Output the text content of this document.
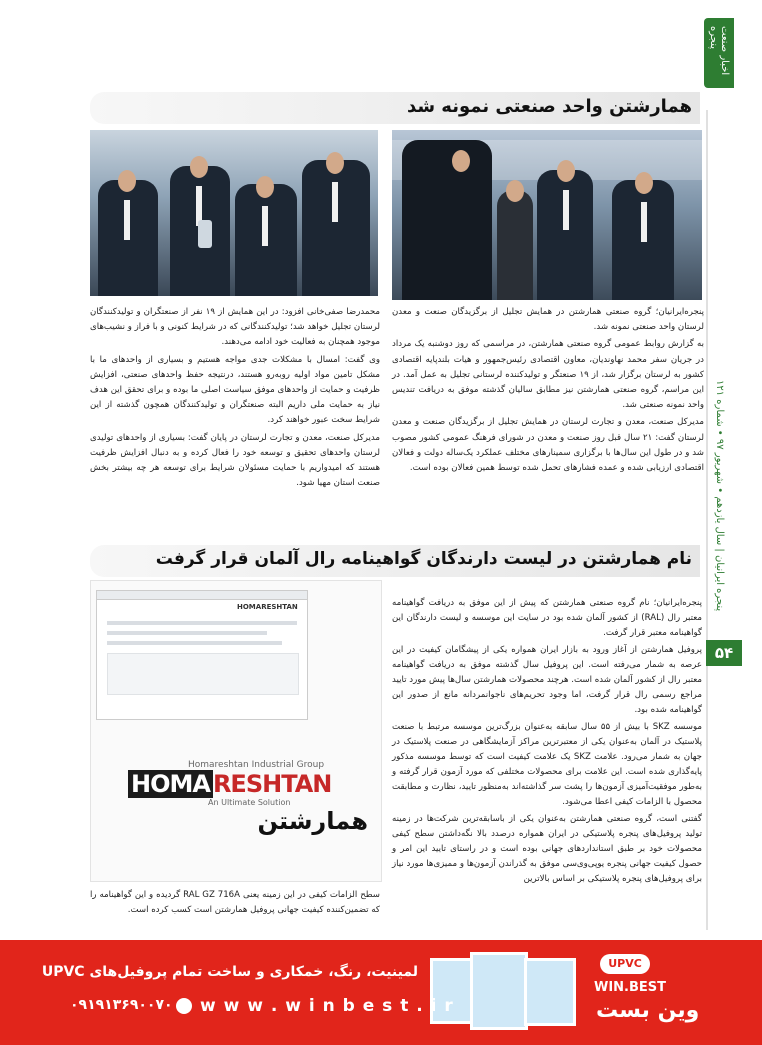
اخبار صنعت پنجره
پنجره ایرانیان | سال یازدهم • شهریور ۹۷ • شماره ۱۲۱
۵۴
همارشتن واحد صنعتی نمونه شد

پنجره‌ایرانیان؛ گروه صنعتی همارشتن در همایش تجلیل از برگزیدگان صنعت و معدن لرستان واحد صنعتی نمونه شد.

به گزارش روابط عمومی گروه صنعتی همارشتن، در مراسمی که روز دوشنبه یک مرداد در جریان سفر محمد نهاوندیان، معاون اقتصادی رئیس‌جمهور و هیات بلندپایه اقتصادی کشور به لرستان برگزار شد، از ۱۹ صنعتگر و تولیدکننده لرستانی تجلیل به عمل آمد. در این مراسم، گروه صنعتی همارشتن نیز مطابق سالیان گذشته موفق به دریافت تندیس واحد نمونه صنعتی شد.

مدیرکل صنعت، معدن و تجارت لرستان در همایش تجلیل از برگزیدگان صنعت و معدن لرستان گفت: ۲۱ سال قبل روز صنعت و معدن در شورای فرهنگ عمومی کشور مصوب شد و در طول این سال‌ها با برگزاری سمینارهای مختلف عملکرد یک‌ساله دولت و فعالان اقتصادی ارزیابی شده و عمده فشارهای تحمل شده توسط همین فعالان بوده است.

محمدرضا صفی‌خانی افزود: در این همایش از ۱۹ نفر از صنعتگران و تولیدکنندگان لرستان تجلیل خواهد شد؛ تولیدکنندگانی که در شرایط کنونی و با فراز و نشیب‌های موجود همچنان به فعالیت خود ادامه می‌دهند.

وی گفت: امسال با مشکلات جدی مواجه هستیم و بسیاری از واحدهای ما با مشکل تامین مواد اولیه روبه‌رو هستند، درنتیجه حفظ واحدهای صنعتی، افزایش ظرفیت و حمایت از واحدهای موفق سیاست اصلی ما بوده و برای تحقق این هدف نیاز به حمایت ملی داریم البته صنعتگران و تولیدکنندگان همچون گذشته از این شرایط سخت عبور خواهند کرد.

مدیرکل صنعت، معدن و تجارت لرستان در پایان گفت: بسیاری از واحدهای تولیدی لرستان واحدهای تحقیق و توسعه خود را فعال کرده و به دنبال افزایش ظرفیت هستند که امیدواریم با حمایت مسئولان شرایط برای توسعه هر چه بیشتر بخش صنعت استان مهیا شود.

نام همارشتن در لیست دارندگان گواهینامه رال آلمان قرار گرفت
HOMARESHTAN
Homareshtan Industrial Group
HOMA RESHTAN
An Ultimate Solution
همارشتن

پنجره‌ایرانیان؛ نام گروه صنعتی همارشتن که پیش از این موفق به دریافت گواهینامه معتبر رال (RAL) از کشور آلمان شده بود در سایت این موسسه و لیست دارندگان این گواهینامه معتبر قرار گرفت.

پروفیل همارشتن از آغاز ورود به بازار ایران همواره یکی از پیشگامان کیفیت در این عرصه به شمار می‌رفته است. این پروفیل سال گذشته موفق به دریافت گواهینامه معتبر رال از کشور آلمان شده است. هرچند محصولات همارشتن سال‌ها پیش مورد تایید مراجع رسمی رال قرار گرفت، اما وجود تحریم‌های ناجوانمردانه مانع از صدور این گواهینامه شده بود.

موسسه SKZ با بیش از ۵۵ سال سابقه به‌عنوان بزرگ‌ترین موسسه مرتبط با صنعت پلاستیک در آلمان به‌عنوان یکی از معتبرترین مراکز آزمایشگاهی در صنعت پلاستیک در جهان به شمار می‌رود. علامت SKZ یک علامت کیفیت است که توسط موسسه مذکور پایه‌گذاری شده است. این علامت برای محصولات مختلفی که مورد آزمون قرار گرفته و به‌طور موفقیت‌آمیزی آزمون‌ها را پشت سر گذاشته‌اند به‌منظور تایید، نظارت و مطابقت محصول با الزامات کیفی اعطا می‌شود.

گفتنی است، گروه صنعتی همارشتن به‌عنوان یکی از باسابقه‌ترین شرکت‌ها در زمینه تولید پروفیل‌های پنجره پلاستیکی در ایران همواره درصدد بالا نگه‌داشتن سطح کیفی محصولات خود بر طبق استانداردهای جهانی بوده است و در راستای تایید این امر و حصول کیفیت جهانی پنجره یو‌پی‌وی‌سی موفق به گذراندن آزمون‌ها و ممیزی‌ها مورد نیاز برای پروفیل‌های پنجره پلاستیکی بر اساس بالاترین

سطح الزامات کیفی در این زمینه یعنی RAL GZ 716A گردیده و این گواهینامه را که تضمین‌کننده کیفیت جهانی پروفیل همارشتن است کسب کرده است.

UPVC
WIN.BEST
وین بست
لمینیت، رنگ، خمکاری و ساخت تمام پروفیل‌های UPVC
w w w . w i n b e s t . i r
۰۹۱۹۱۳۶۹۰۰۷۰
